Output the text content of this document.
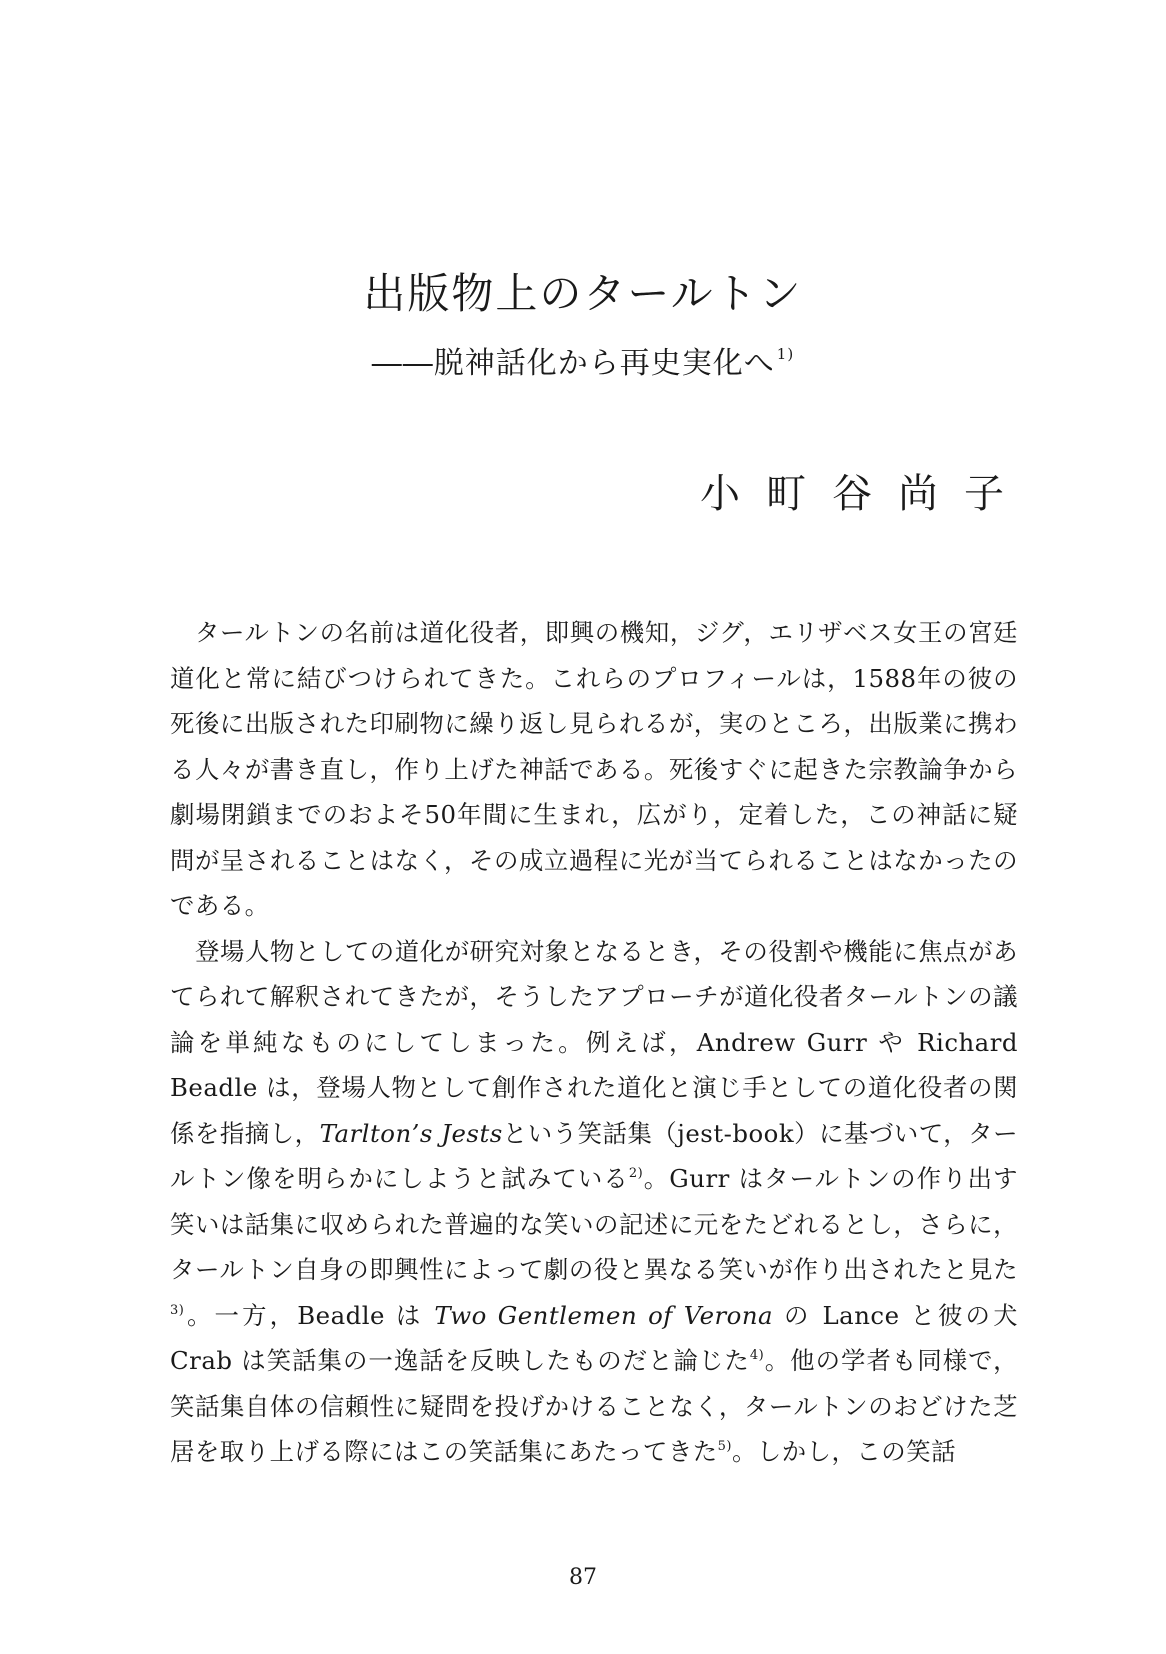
出版物上のタールトン
――脱神話化から再史実化へ $^{1)}$
小町谷尚子

タールトンの名前は道化役者，即興の機知，ジグ，エリザベス女王の宮廷道化と常に結びつけられてきた。これらのプロフィールは，1588年の彼の死後に出版された印刷物に繰り返し見られるが，実のところ，出版業に携わる人々が書き直し，作り上げた神話である。死後すぐに起きた宗教論争から劇場閉鎖までのおよそ50年間に生まれ，広がり，定着した，この神話に疑問が呈されることはなく，その成立過程に光が当てられることはなかったのである。

登場人物としての道化が研究対象となるとき，その役割や機能に焦点があてられて解釈されてきたが，そうしたアプローチが道化役者タールトンの議論を単純なものにしてしまった。例えば，Andrew Gurr や Richard Beadle は，登場人物として創作された道化と演じ手としての道化役者の関係を指摘し，Tarlton’s Jestsという笑話集（jest-book）に基づいて，タールトン像を明らかにしようと試みている$^{2)}$。Gurr はタールトンの作り出す笑いは話集に収められた普遍的な笑いの記述に元をたどれるとし，さらに，タールトン自身の即興性によって劇の役と異なる笑いが作り出されたと見た$^{3)}$。一方，Beadle は Two Gentlemen of Verona の Lance と彼の犬 Crab は笑話集の一逸話を反映したものだと論じた$^{4)}$。他の学者も同様で，笑話集自体の信頼性に疑問を投げかけることなく，タールトンのおどけた芝居を取り上げる際にはこの笑話集にあたってきた$^{5)}$。しかし，この笑話

87
